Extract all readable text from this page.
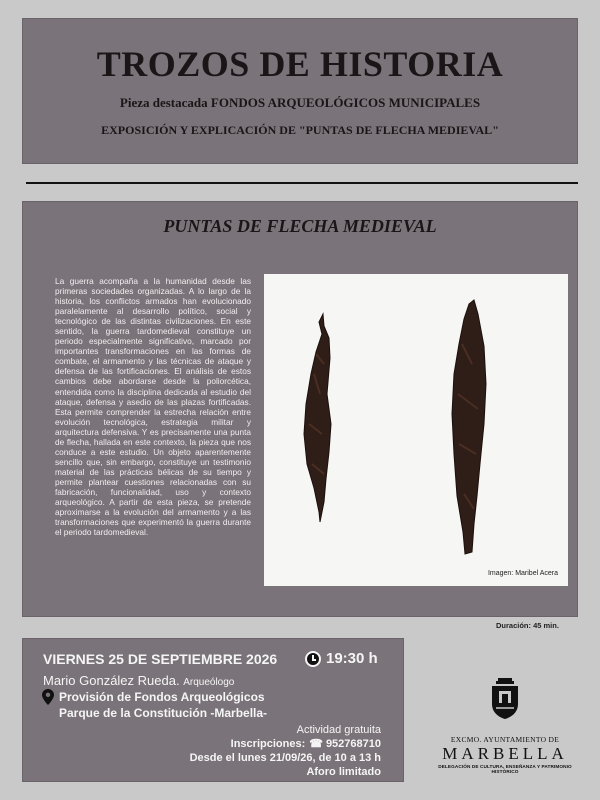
TROZOS DE HISTORIA
Pieza destacada FONDOS ARQUEOLÓGICOS MUNICIPALES
EXPOSICIÓN Y EXPLICACIÓN DE "PUNTAS DE FLECHA MEDIEVAL"
PUNTAS DE FLECHA MEDIEVAL
La guerra acompaña a la humanidad desde las primeras sociedades organizadas. A lo largo de la historia, los conflictos armados han evolucionado paralelamente al desarrollo político, social y tecnológico de las distintas civilizaciones. En este sentido, la guerra tardomedieval constituye un periodo especialmente significativo, marcado por importantes transformaciones en las formas de combate, el armamento y las técnicas de ataque y defensa de las fortificaciones. El análisis de estos cambios debe abordarse desde la poliorcética, entendida como la disciplina dedicada al estudio del ataque, defensa y asedio de las plazas fortificadas. Esta permite comprender la estrecha relación entre evolución tecnológica, estrategia militar y arquitectura defensiva. Y es precisamente una punta de flecha, hallada en este contexto, la pieza que nos conduce a este estudio. Un objeto aparentemente sencillo que, sin embargo, constituye un testimonio material de las prácticas bélicas de su tiempo y permite plantear cuestiones relacionadas con su fabricación, funcionalidad, uso y contexto arqueológico. A partir de esta pieza, se pretende aproximarse a la evolución del armamento y a las transformaciones que experimentó la guerra durante el periodo tardomedieval.
Imagen: Maribel Acera
Duración: 45 min.
VIERNES 25 DE SEPTIEMBRE 2026	19:30 h
Mario González Rueda. Arqueólogo
Provisión de Fondos Arqueológicos
Parque de la Constitución -Marbella-
Actividad gratuita
Inscripciones: ☎ 952768710
Desde el lunes 21/09/26, de 10 a 13 h
Aforo limitado
EXCMO. AYUNTAMIENTO DE
MARBELLA
DELEGACIÓN DE CULTURA, ENSEÑANZA Y PATRIMONIO HISTÓRICO
